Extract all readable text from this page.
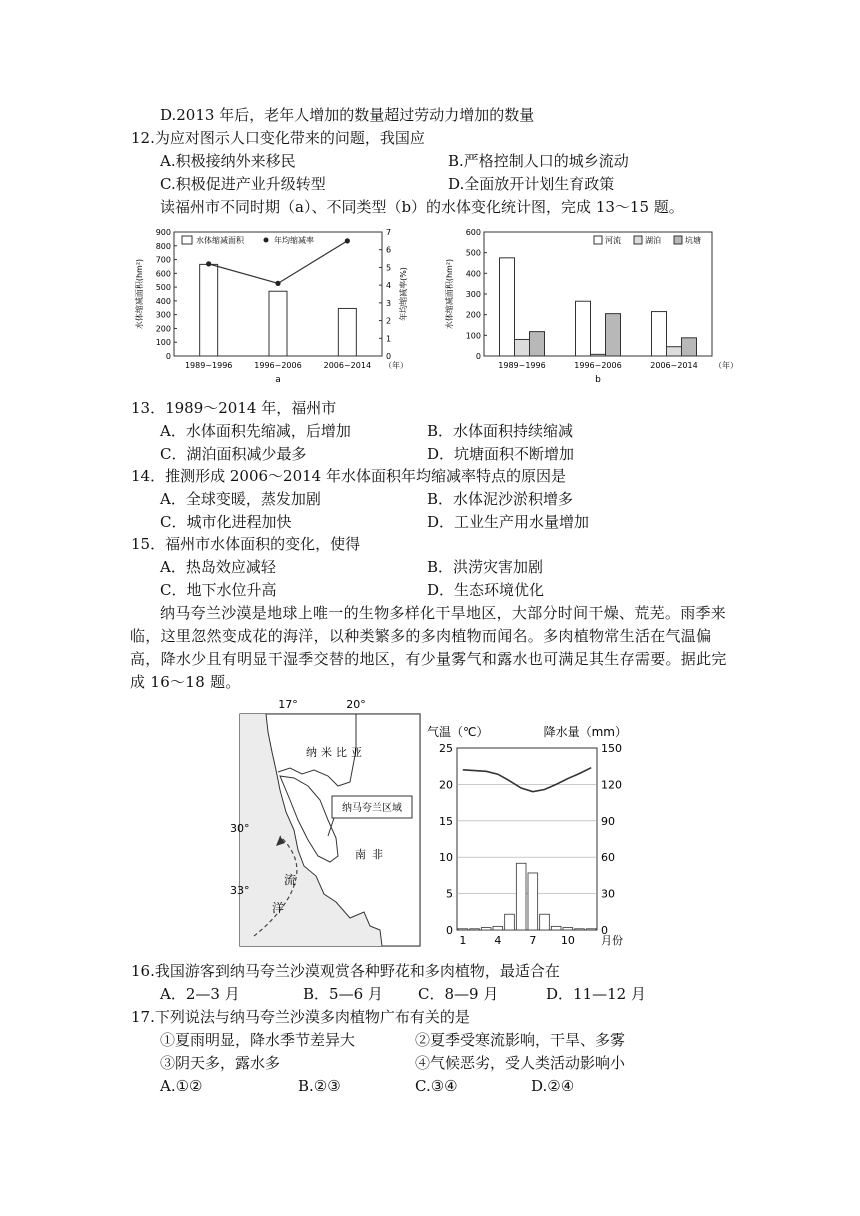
D.2013 年后，老年人增加的数量超过劳动力增加的数量
12.为应对图示人口变化带来的问题，我国应
A.积极接纳外来移民	B.严格控制人口的城乡流动
C.积极促进产业升级转型	D.全面放开计划生育政策
读福州市不同时期（a）、不同类型（b）的水体变化统计图，完成 13～15 题。
0
100
200
300
400
500
600
700
800
900
0
1
2
3
4
5
6
7
1989~1996	1996~2006	2006~2014 （年）
水体缩减面积(hm²)	年均缩减率(%)
水体缩减面积	年均缩减率
a
0
100
200
300
400
500
600
1989~1996	1996~2006	2006~2014 （年）
水体缩减面积(hm²)
河流	湖泊	坑塘
b
13．1989～2014 年，福州市
A．水体面积先缩减，后增加	B．水体面积持续缩减
C．湖泊面积减少最多	D．坑塘面积不断增加
14．推测形成 2006～2014 年水体面积年均缩减率特点的原因是
A．全球变暖，蒸发加剧	B．水体泥沙淤积增多
C．城市化进程加快	D．工业生产用水量增加
15．福州市水体面积的变化，使得
A．热岛效应减轻	B．洪涝灾害加剧
C．地下水位升高	D．生态环境优化
纳马夸兰沙漠是地球上唯一的生物多样化干旱地区，大部分时间干燥、荒芜。雨季来临，这里忽然变成花的海洋，以种类繁多的多肉植物而闻名。多肉植物常生活在气温偏高，降水少且有明显干湿季交替的地区，有少量雾气和露水也可满足其生存需要。据此完成 16～18 题。
纳马夸兰区域
纳米比亚
南非
流
洋
17°	20°
30°
33°
0
5
10
15
20
25
0
30
60
90
120
150
1	4	7 10 月份
气温（℃）	降水量（mm）
16.我国游客到纳马夸兰沙漠观赏各种野花和多肉植物，最适合在
A．2—3 月	B．5—6 月 C．8—9 月	D．11—12 月
17.下列说法与纳马夸兰沙漠多肉植物广布有关的是
①夏雨明显，降水季节差异大	②夏季受寒流影响，干旱、多雾
③阴天多，露水多	④气候恶劣，受人类活动影响小
A.①②	B.②③	C.③④	D.②④
